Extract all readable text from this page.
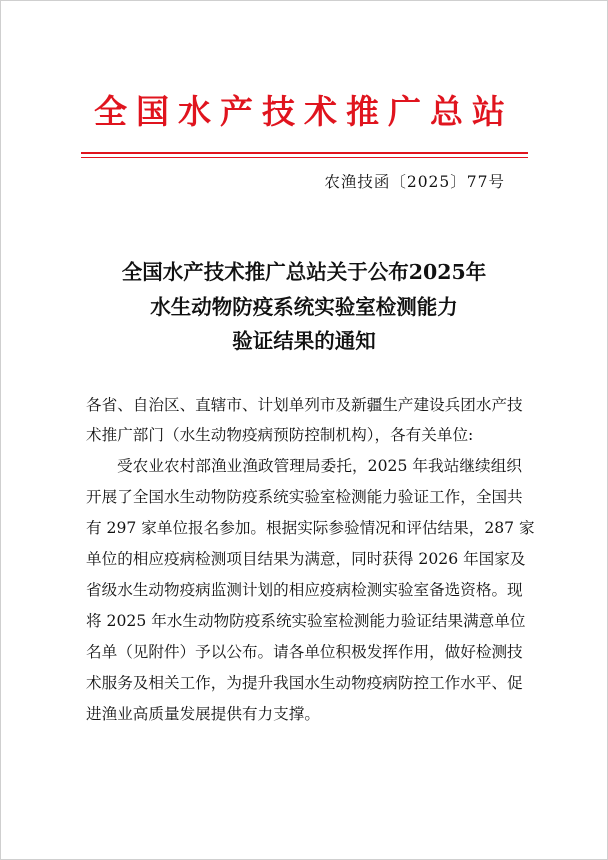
全国水产技术推广总站
农渔技函〔2025〕77号
全国水产技术推广总站关于公布2025年
水生动物防疫系统实验室检测能力
验证结果的通知
各省、自治区、直辖市、计划单列市及新疆生产建设兵团水产技
术推广部门（水生动物疫病预防控制机构），各有关单位:
受农业农村部渔业渔政管理局委托，2025 年我站继续组织
开展了全国水生动物防疫系统实验室检测能力验证工作，全国共
有 297 家单位报名参加。根据实际参验情况和评估结果，287 家
单位的相应疫病检测项目结果为满意，同时获得 2026 年国家及
省级水生动物疫病监测计划的相应疫病检测实验室备选资格。现
将 2025 年水生动物防疫系统实验室检测能力验证结果满意单位
名单（见附件）予以公布。请各单位积极发挥作用，做好检测技
术服务及相关工作，为提升我国水生动物疫病防控工作水平、促
进渔业高质量发展提供有力支撑。
